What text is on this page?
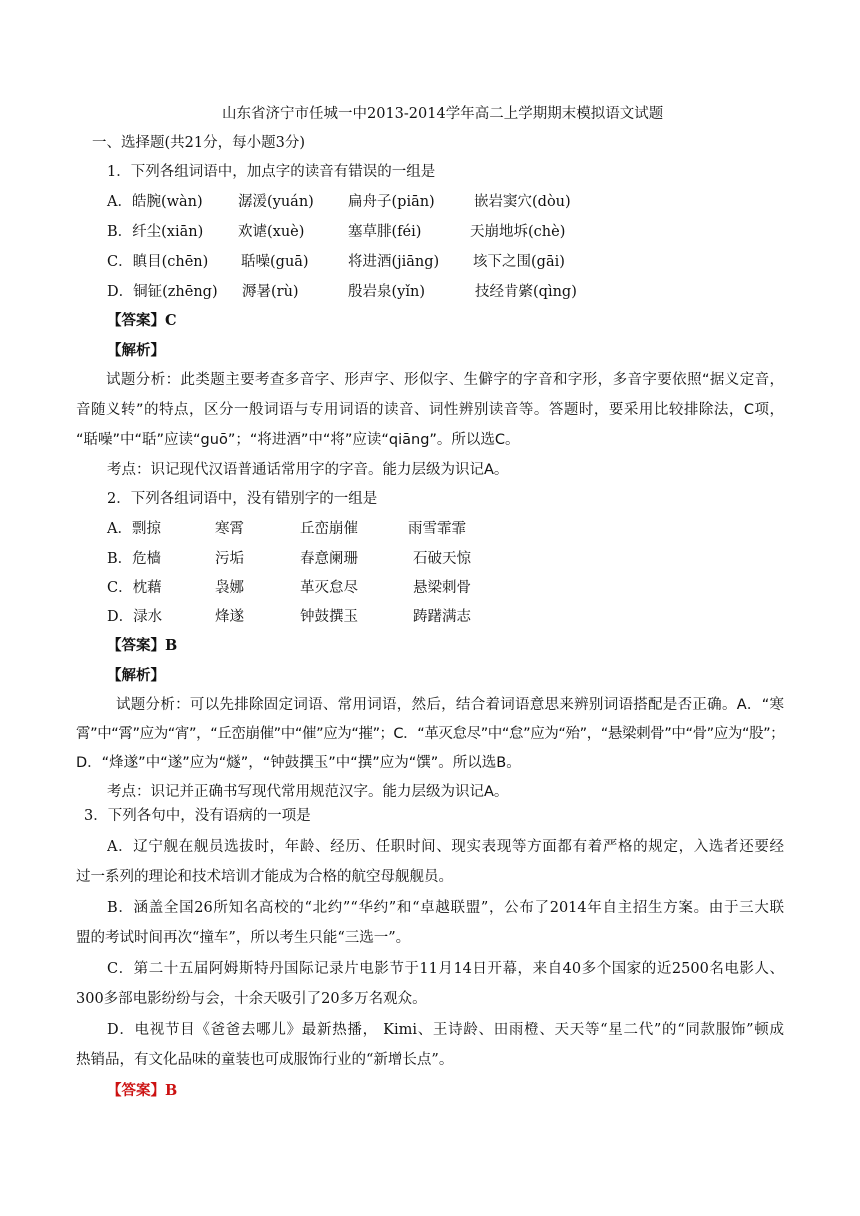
山东省济宁市任城一中2013-2014学年高二上学期期末模拟语文试题
一、选择题(共21分，每小题3分)
1．下列各组词语中，加点字的读音有错误的一组是
A．皓腕(wàn) 潺湲(yuán) 扁舟子(piān)	嵌岩窦穴(dòu)
B．纤尘(xiān) 欢谑(xuè)	塞草腓(féi)	天崩地坼(chè)
C．瞋目(chēn) 聒噪(guā)	将进酒(jiāng) 垓下之围(gāi)
D．铜钲(zhēng) 溽暑(rù)	殷岩泉(yǐn)	技经肯綮(qìng)
【答案】C
【解析】
试题分析：此类题主要考查多音字、形声字、形似字、生僻字的字音和字形，多音字要依照“据义定音，
音随义转”的特点，区分一般词语与专用词语的读音、词性辨别读音等。答题时，要采用比较排除法，C项，
“聒噪”中“聒”应读“guō”；“将进酒”中“将”应读“qiāng”。所以选C。
考点：识记现代汉语普通话常用字的字音。能力层级为识记A。
2．下列各组词语中，没有错别字的一组是
A．剽掠	寒霄	丘峦崩催	雨雪霏霏
B．危樯	污垢	春意阑珊	石破天惊
C．枕藉	袅娜	革灭怠尽	悬梁刺骨
D．渌水	烽遂	钟鼓撰玉	踌躇满志
【答案】B
【解析】
试题分析：可以先排除固定词语、常用词语，然后，结合着词语意思来辨别词语搭配是否正确。A．“寒
霄”中“霄”应为“宵”，“丘峦崩催”中“催”应为“摧”；C．“革灭怠尽”中“怠”应为“殆”，“悬梁刺骨”中“骨”应为“股”；
D．“烽遂”中“遂”应为“燧”，“钟鼓撰玉”中“撰”应为“馔”。所以选B。
考点：识记并正确书写现代常用规范汉字。能力层级为识记A。
3．下列各句中，没有语病的一项是
A．辽宁舰在舰员选拔时，年龄、经历、任职时间、现实表现等方面都有着严格的规定，入选者还要经
过一系列的理论和技术培训才能成为合格的航空母舰舰员。
B．涵盖全国26所知名高校的“北约”“华约”和“卓越联盟”，公布了2014年自主招生方案。由于三大联
盟的考试时间再次“撞车”，所以考生只能“三选一”。
C．第二十五届阿姆斯特丹国际记录片电影节于11月14日开幕，来自40多个国家的近2500名电影人、
300多部电影纷纷与会，十余天吸引了20多万名观众。
D．电视节目《爸爸去哪儿》最新热播， Kimi、王诗龄、田雨橙、天天等“星二代”的“同款服饰”顿成
热销品，有文化品味的童装也可成服饰行业的“新增长点”。
【答案】B
